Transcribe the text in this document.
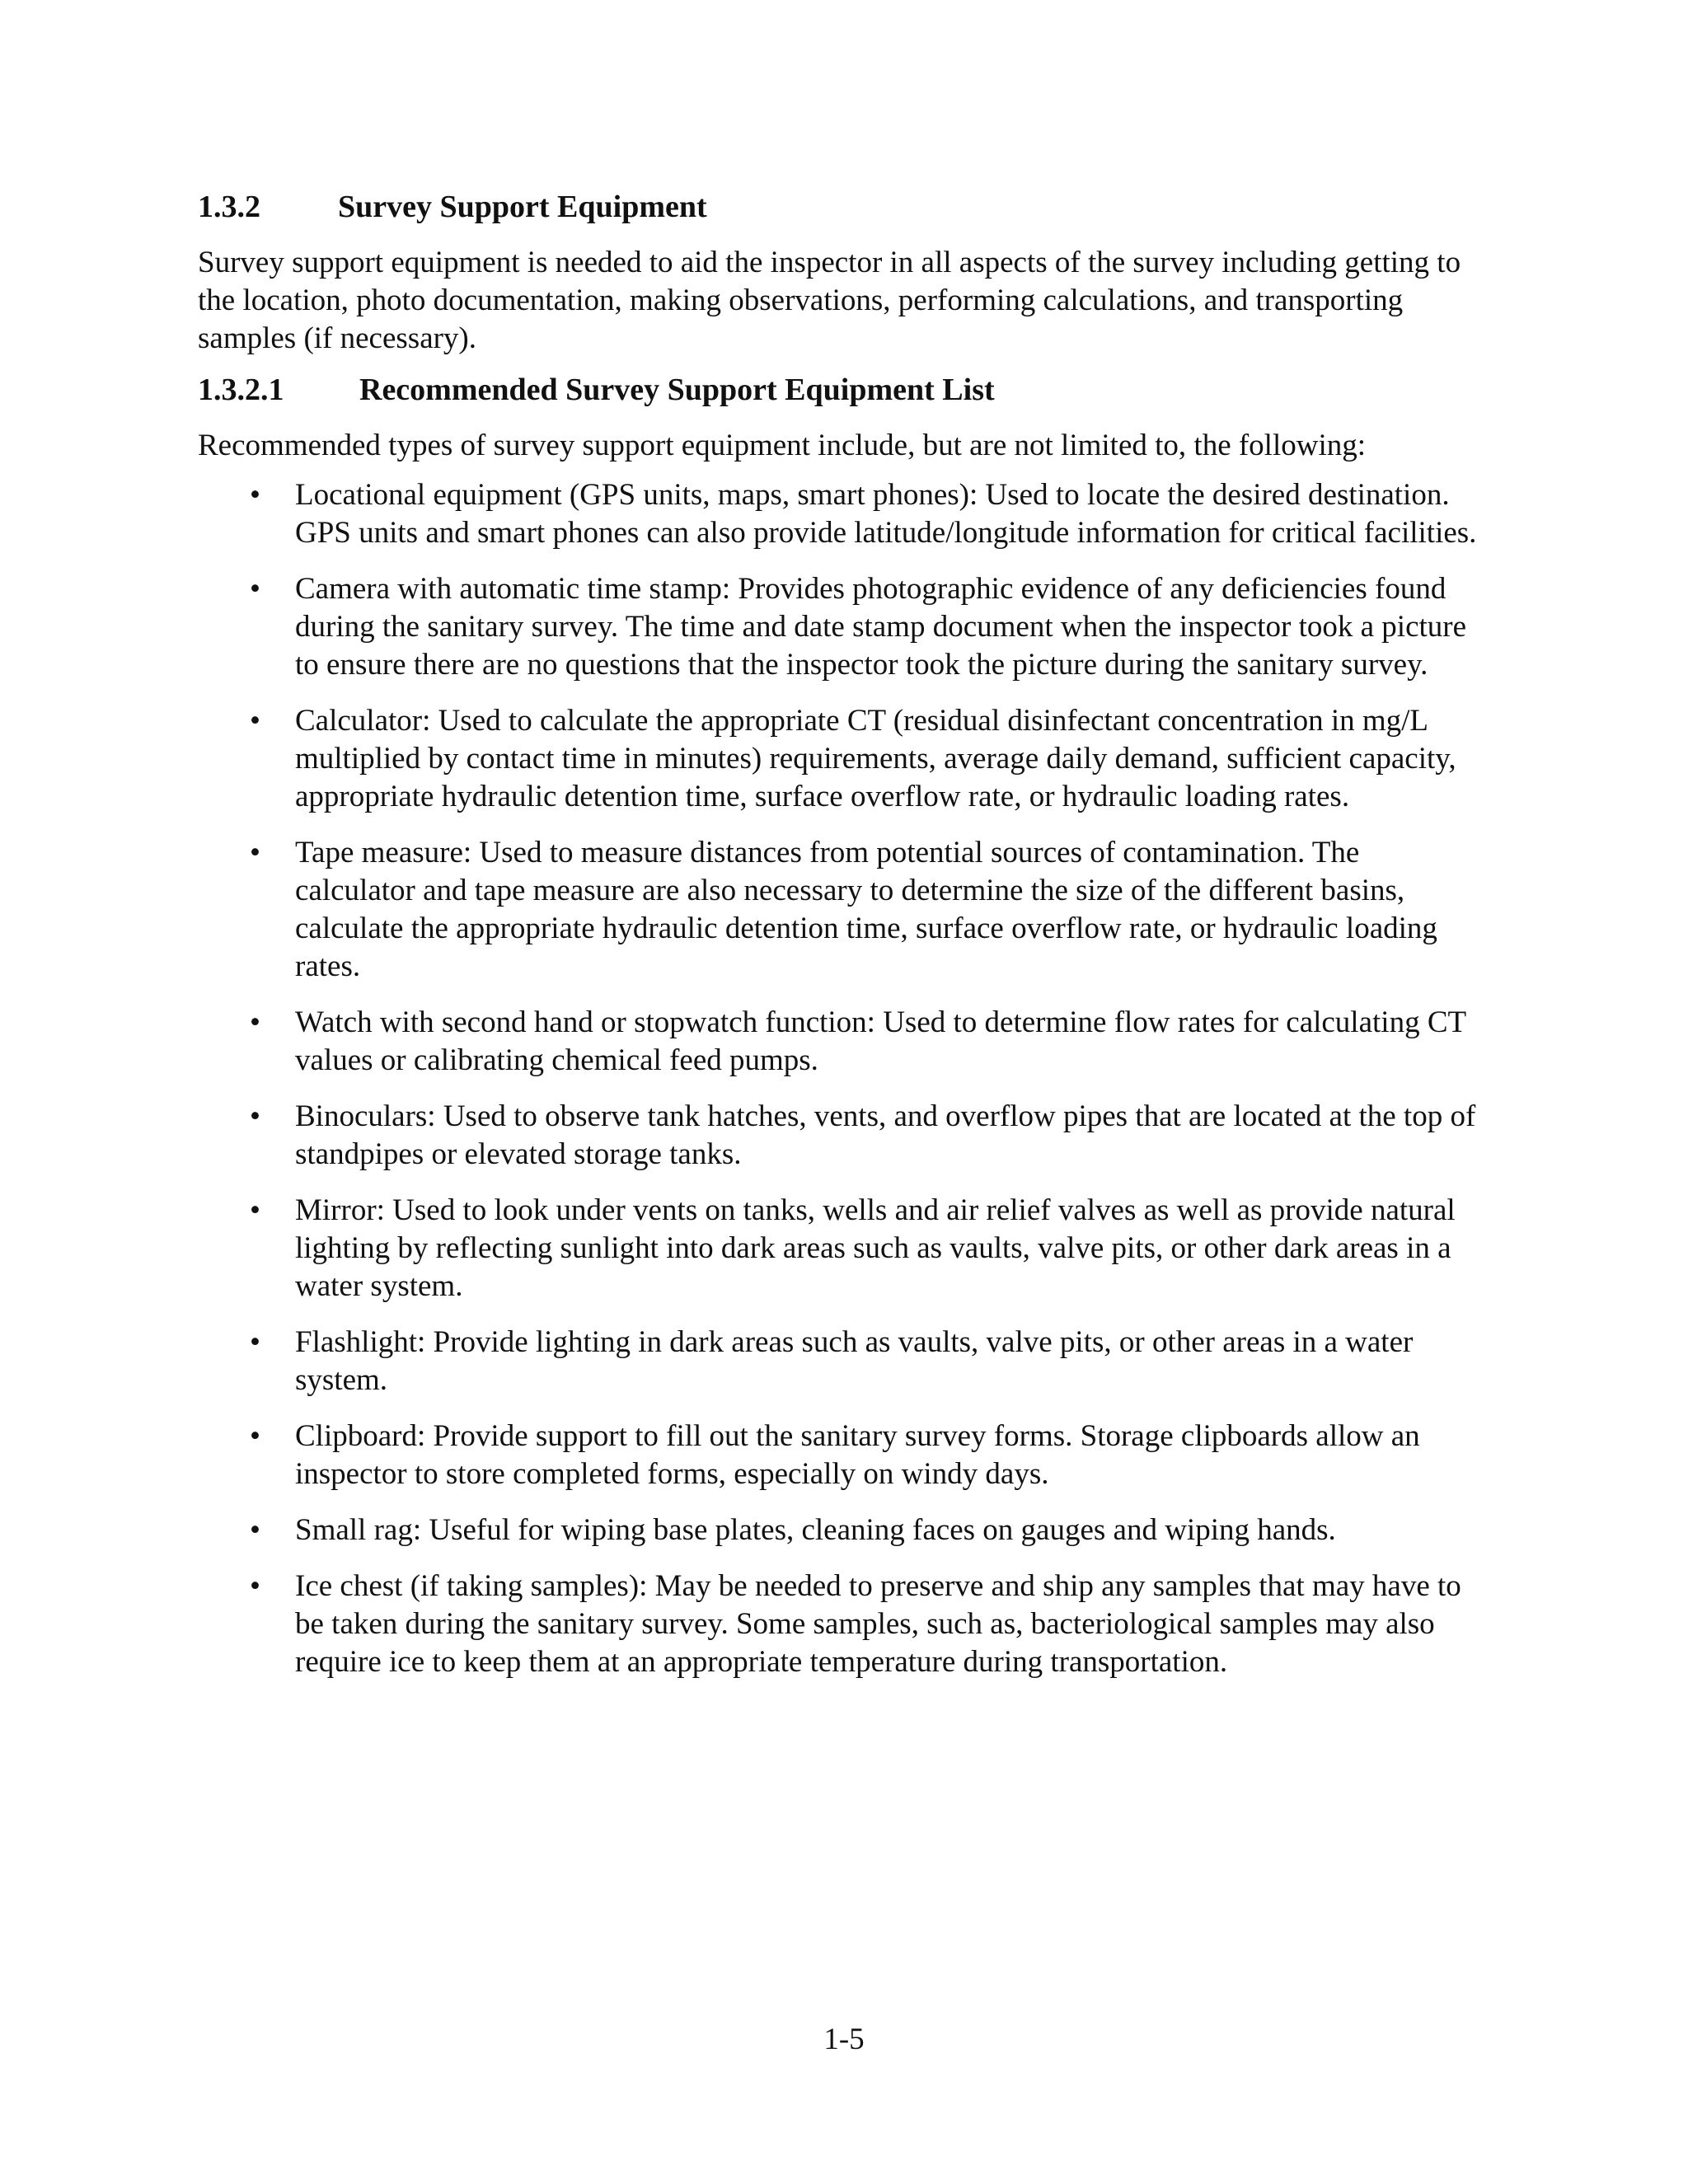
1.3.2	Survey Support Equipment

Survey support equipment is needed to aid the inspector in all aspects of the survey including getting to the location, photo documentation, making observations, performing calculations, and transporting samples (if necessary).

1.3.2.1	Recommended Survey Support Equipment List

Recommended types of survey support equipment include, but are not limited to, the following:

• Locational equipment (GPS units, maps, smart phones): Used to locate the desired destination. GPS units and smart phones can also provide latitude/longitude information for critical facilities.
• Camera with automatic time stamp: Provides photographic evidence of any deficiencies found during the sanitary survey. The time and date stamp document when the inspector took a picture to ensure there are no questions that the inspector took the picture during the sanitary survey.
• Calculator: Used to calculate the appropriate CT (residual disinfectant concentration in mg/L multiplied by contact time in minutes) requirements, average daily demand, sufficient capacity, appropriate hydraulic detention time, surface overflow rate, or hydraulic loading rates.
• Tape measure: Used to measure distances from potential sources of contamination. The calculator and tape measure are also necessary to determine the size of the different basins, calculate the appropriate hydraulic detention time, surface overflow rate, or hydraulic loading rates.
• Watch with second hand or stopwatch function: Used to determine flow rates for calculating CT values or calibrating chemical feed pumps.
• Binoculars: Used to observe tank hatches, vents, and overflow pipes that are located at the top of standpipes or elevated storage tanks.
• Mirror: Used to look under vents on tanks, wells and air relief valves as well as provide natural lighting by reflecting sunlight into dark areas such as vaults, valve pits, or other dark areas in a water system.
• Flashlight: Provide lighting in dark areas such as vaults, valve pits, or other areas in a water system.
• Clipboard: Provide support to fill out the sanitary survey forms. Storage clipboards allow an inspector to store completed forms, especially on windy days.
• Small rag: Useful for wiping base plates, cleaning faces on gauges and wiping hands.
• Ice chest (if taking samples): May be needed to preserve and ship any samples that may have to be taken during the sanitary survey. Some samples, such as, bacteriological samples may also require ice to keep them at an appropriate temperature during transportation.
1-5
